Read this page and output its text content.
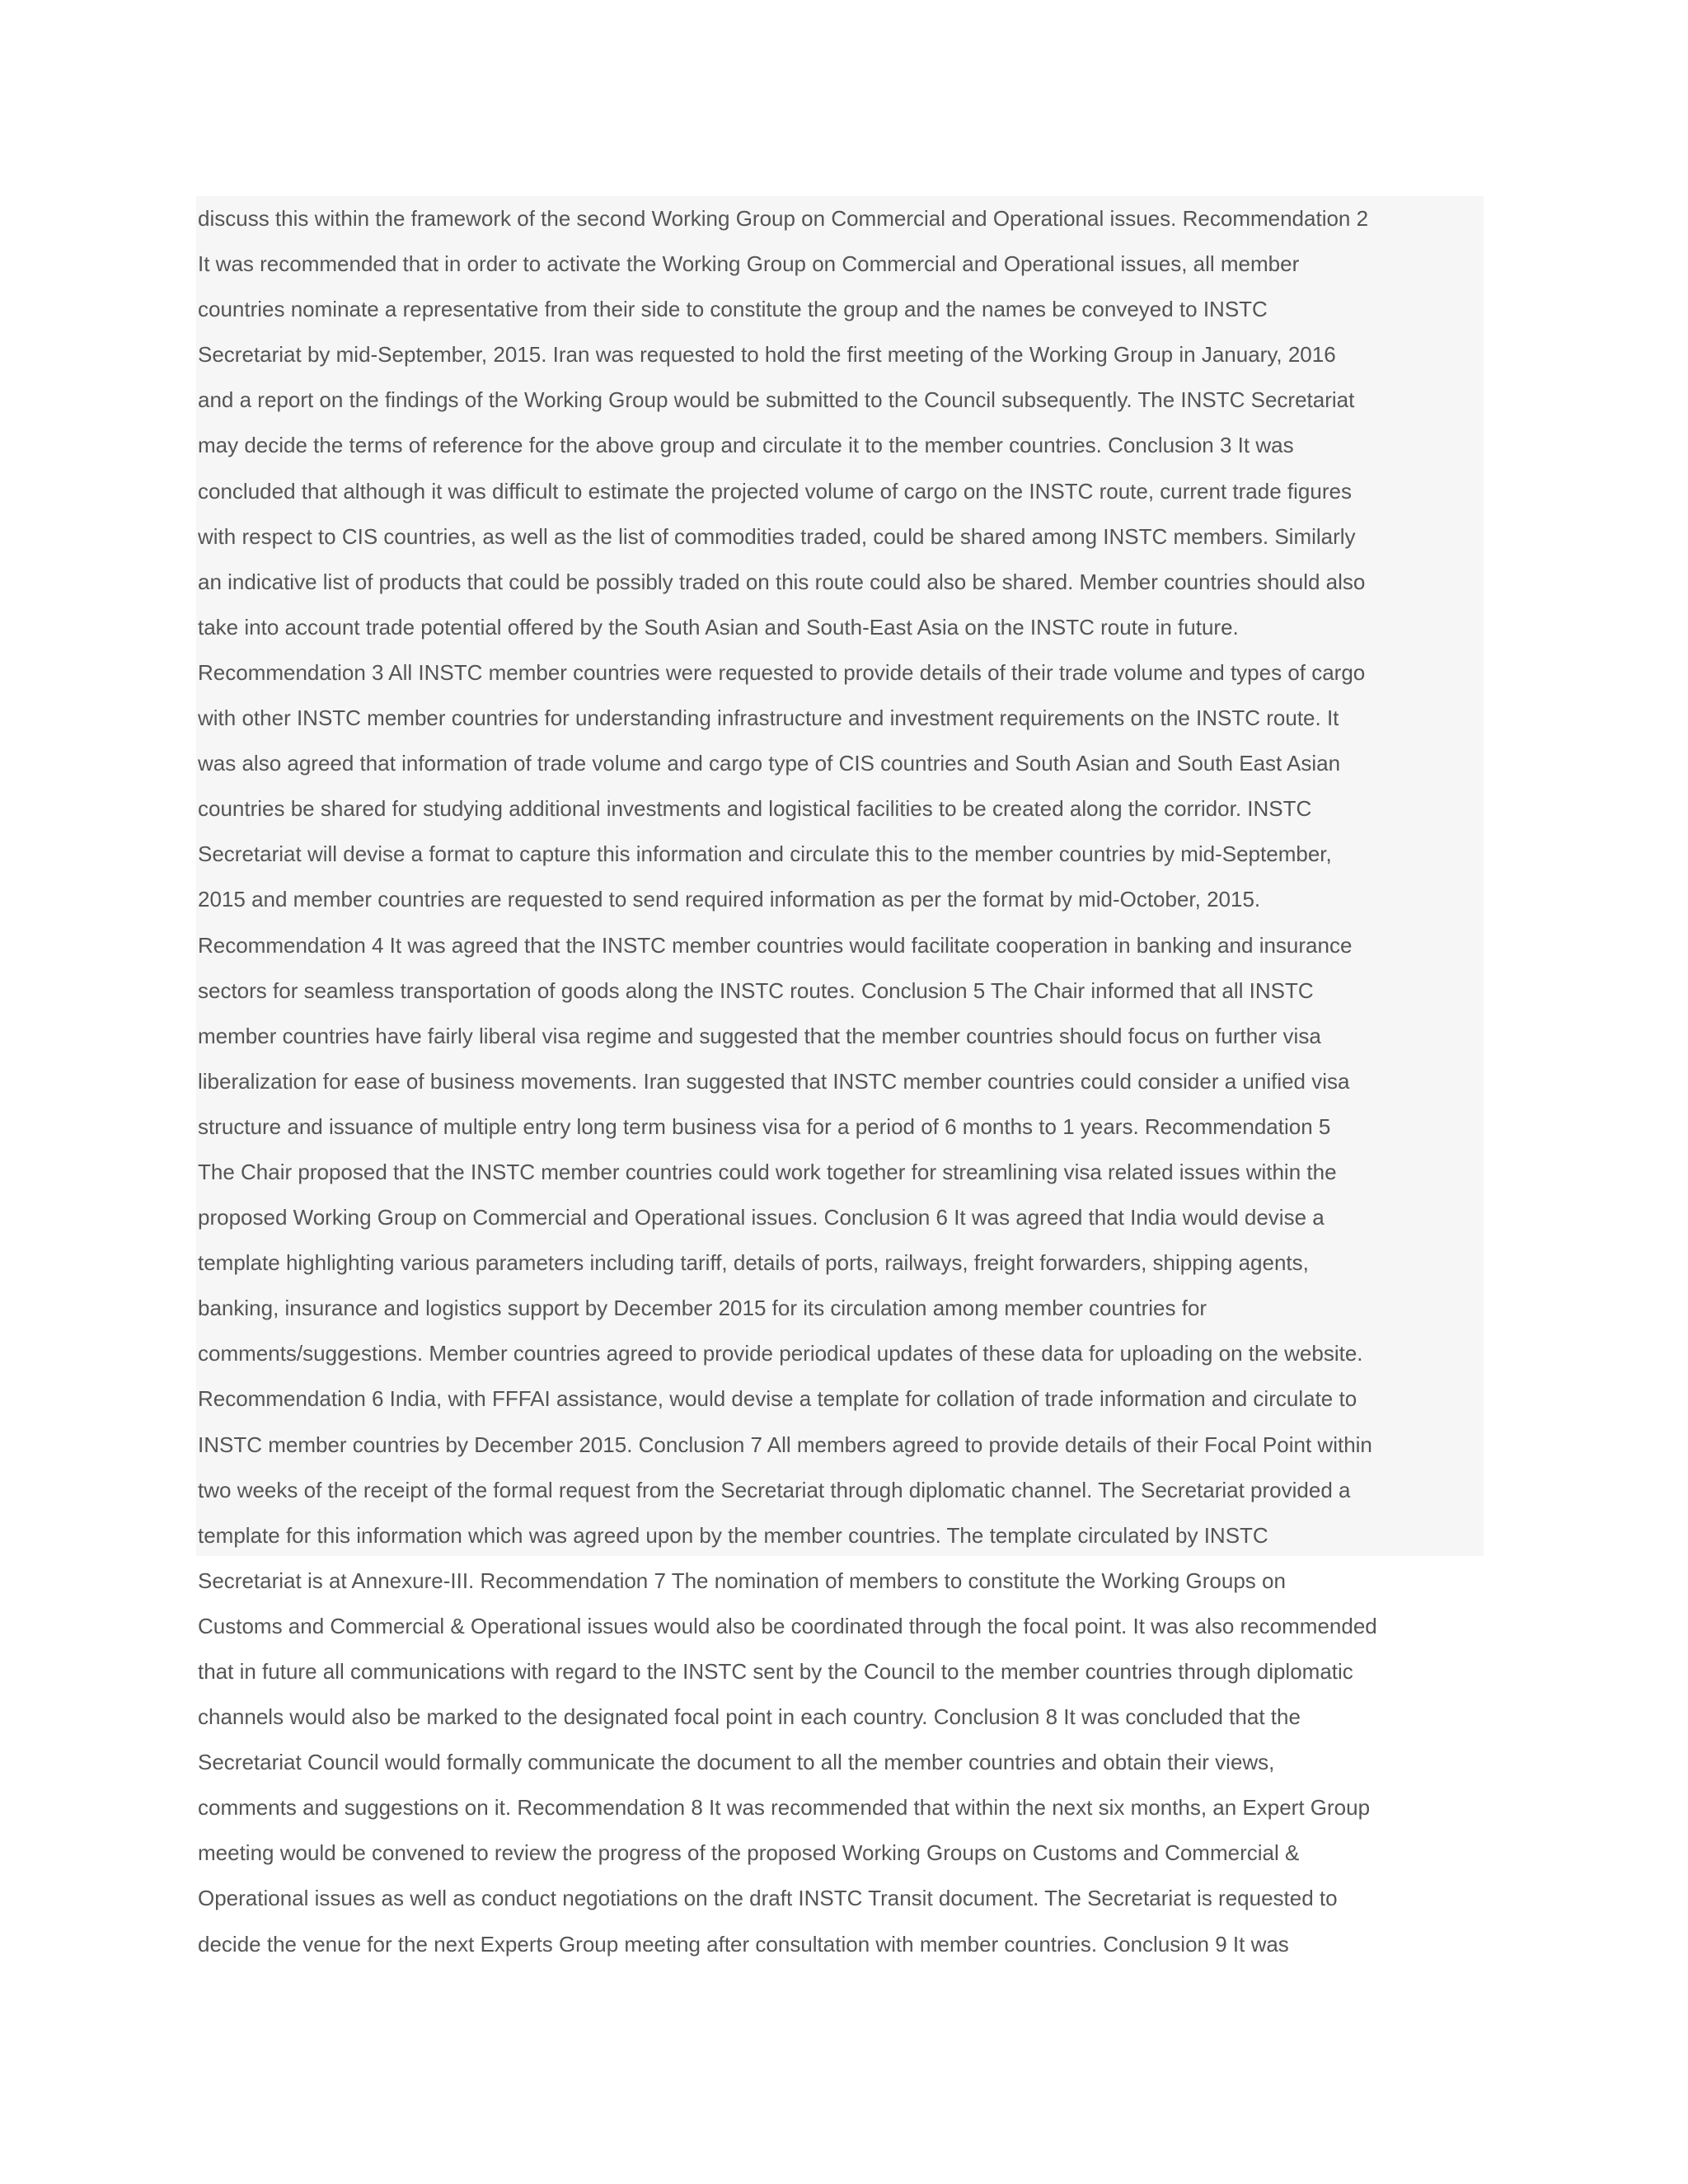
discuss this within the framework of the second Working Group on Commercial and Operational issues. Recommendation 2
It was recommended that in order to activate the Working Group on Commercial and Operational issues, all member
countries nominate a representative from their side to constitute the group and the names be conveyed to INSTC
Secretariat by mid-September, 2015. Iran was requested to hold the first meeting of the Working Group in January, 2016
and a report on the findings of the Working Group would be submitted to the Council subsequently. The INSTC Secretariat
may decide the terms of reference for the above group and circulate it to the member countries. Conclusion 3 It was
concluded that although it was difficult to estimate the projected volume of cargo on the INSTC route, current trade figures
with respect to CIS countries, as well as the list of commodities traded, could be shared among INSTC members. Similarly
an indicative list of products that could be possibly traded on this route could also be shared. Member countries should also
take into account trade potential offered by the South Asian and South-East Asia on the INSTC route in future.
Recommendation 3 All INSTC member countries were requested to provide details of their trade volume and types of cargo
with other INSTC member countries for understanding infrastructure and investment requirements on the INSTC route. It
was also agreed that information of trade volume and cargo type of CIS countries and South Asian and South East Asian
countries be shared for studying additional investments and logistical facilities to be created along the corridor. INSTC
Secretariat will devise a format to capture this information and circulate this to the member countries by mid-September,
2015 and member countries are requested to send required information as per the format by mid-October, 2015.
Recommendation 4 It was agreed that the INSTC member countries would facilitate cooperation in banking and insurance
sectors for seamless transportation of goods along the INSTC routes. Conclusion 5 The Chair informed that all INSTC
member countries have fairly liberal visa regime and suggested that the member countries should focus on further visa
liberalization for ease of business movements. Iran suggested that INSTC member countries could consider a unified visa
structure and issuance of multiple entry long term business visa for a period of 6 months to 1 years. Recommendation 5
The Chair proposed that the INSTC member countries could work together for streamlining visa related issues within the
proposed Working Group on Commercial and Operational issues. Conclusion 6 It was agreed that India would devise a
template highlighting various parameters including tariff, details of ports, railways, freight forwarders, shipping agents,
banking, insurance and logistics support by December 2015 for its circulation among member countries for
comments/suggestions. Member countries agreed to provide periodical updates of these data for uploading on the website.
Recommendation 6 India, with FFFAI assistance, would devise a template for collation of trade information and circulate to
INSTC member countries by December 2015. Conclusion 7 All members agreed to provide details of their Focal Point within
two weeks of the receipt of the formal request from the Secretariat through diplomatic channel. The Secretariat provided a
template for this information which was agreed upon by the member countries. The template circulated by INSTC
Secretariat is at Annexure-III. Recommendation 7 The nomination of members to constitute the Working Groups on
Customs and Commercial & Operational issues would also be coordinated through the focal point. It was also recommended
that in future all communications with regard to the INSTC sent by the Council to the member countries through diplomatic
channels would also be marked to the designated focal point in each country. Conclusion 8 It was concluded that the
Secretariat Council would formally communicate the document to all the member countries and obtain their views,
comments and suggestions on it. Recommendation 8 It was recommended that within the next six months, an Expert Group
meeting would be convened to review the progress of the proposed Working Groups on Customs and Commercial &
Operational issues as well as conduct negotiations on the draft INSTC Transit document. The Secretariat is requested to
decide the venue for the next Experts Group meeting after consultation with member countries. Conclusion 9 It was
